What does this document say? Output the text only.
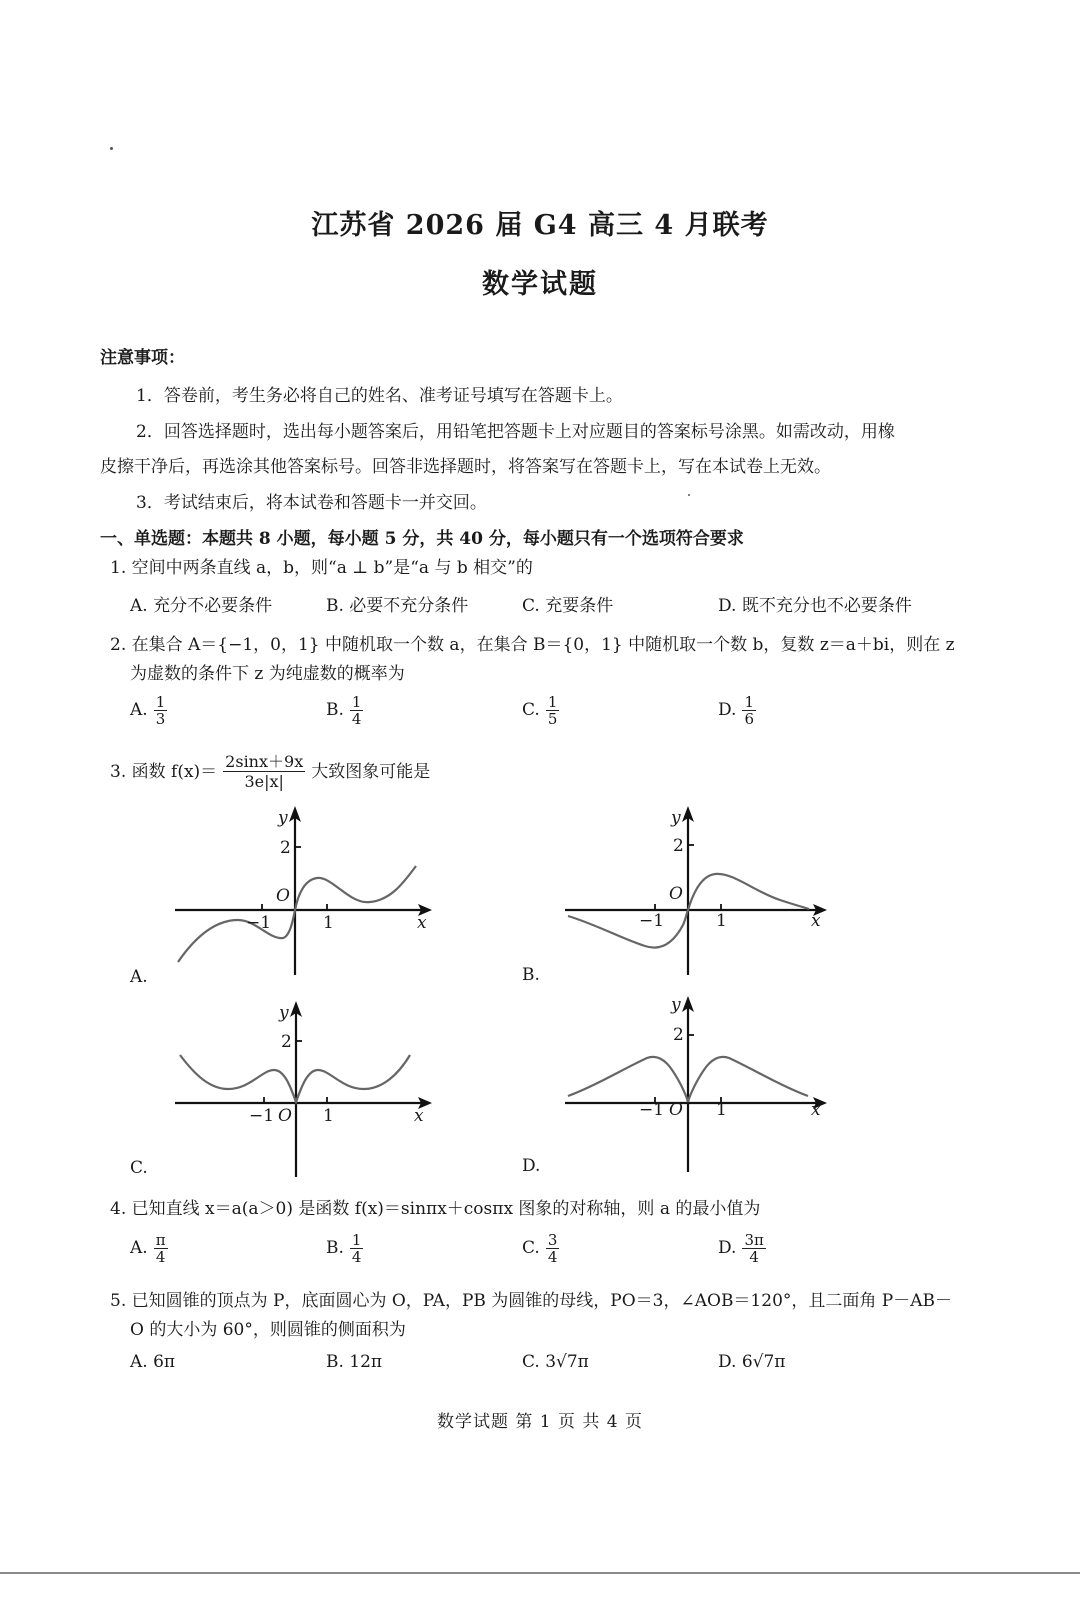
江苏省 2026 届 G4 高三 4 月联考
数学试题
注意事项：
1．答卷前，考生务必将自己的姓名、准考证号填写在答题卡上。
2．回答选择题时，选出每小题答案后，用铅笔把答题卡上对应题目的答案标号涂黑。如需改动，用橡
皮擦干净后，再选涂其他答案标号。回答非选择题时，将答案写在答题卡上，写在本试卷上无效。
3．考试结束后，将本试卷和答题卡一并交回。
一、单选题：本题共 8 小题，每小题 5 分，共 40 分，每小题只有一个选项符合要求
1. 空间中两条直线 a，b，则“a ⊥ b”是“a 与 b 相交”的
A. 充分不必要条件	B. 必要不充分条件	C. 充要条件	D. 既不充分也不必要条件
2. 在集合 A＝{−1，0，1} 中随机取一个数 a，在集合 B＝{0，1} 中随机取一个数 b，复数 z＝a＋bi，则在 z
为虚数的条件下 z 为纯虚数的概率为
A. $\frac{1}{3}$	B. $\frac{1}{4}$	C. $\frac{1}{5}$	D. $\frac{1}{6}$
3. 函数 $f(x)= \frac{2\sin x+9x}{3e|x|}$ 大致图象可能是
y
2
O
−1	1	x
A.
y
2
O
−1	1	x
B.
y
2
−1 O 1	x
C.
y
2
−1 O 1	x
D.
4. 已知直线 x＝a(a＞0) 是函数 f(x)＝sinπx＋cosπx 图象的对称轴，则 a 的最小值为
A. $\frac{\pi}{4}$	B. $\frac{1}{4}$	C. $\frac{3}{4}$	D. $\frac{3\pi}{4}$
5. 已知圆锥的顶点为 P，底面圆心为 O，PA，PB 为圆锥的母线，PO＝3，∠AOB＝120°，且二面角 P－AB－
O 的大小为 60°，则圆锥的侧面积为
A. 6π	B. 12π	C. 3√7π	D. 6√7π
数学试题 第 1 页 共 4 页
